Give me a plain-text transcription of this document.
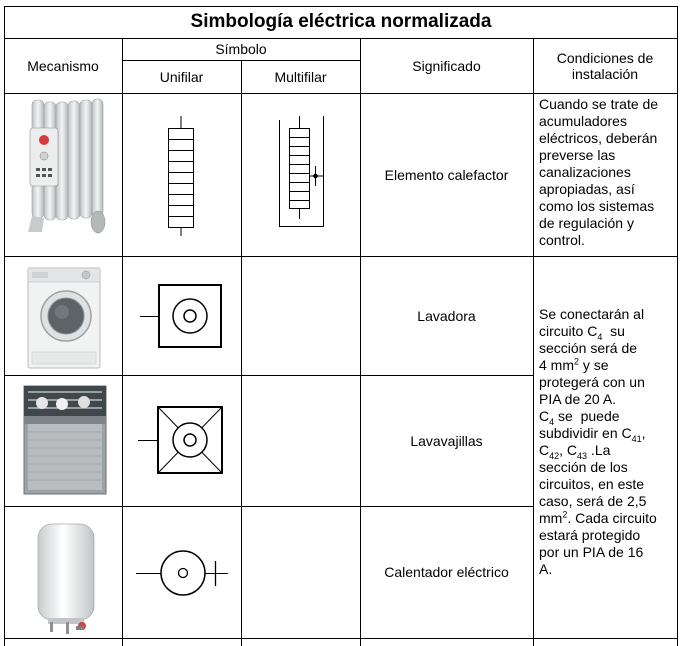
Simbología eléctrica normalizada
Mecanismo
Símbolo
Unifilar	Multifilar
Significado	Condiciones de
instalación
Elemento calefactor
Lavadora
Lavavajillas
Calentador eléctrico
Cuando se trate de
acumuladores
eléctricos, deberán
preverse las
canalizaciones
apropiadas, así
como los sistemas
de regulación y
control.
Se conectarán al
circuito $C_4$  su
sección será de
4 $mm^2$ y se
protegerá con un
PIA de 20 A.
$C_4$ se  puede
subdividir en $C_{41}$,
$C_{42}$, $C_{43}$ .La
sección de los
circuitos, en este
caso, será de 2,5
$mm^2$. Cada circuito
estará protegido
por un PIA de 16
A.
